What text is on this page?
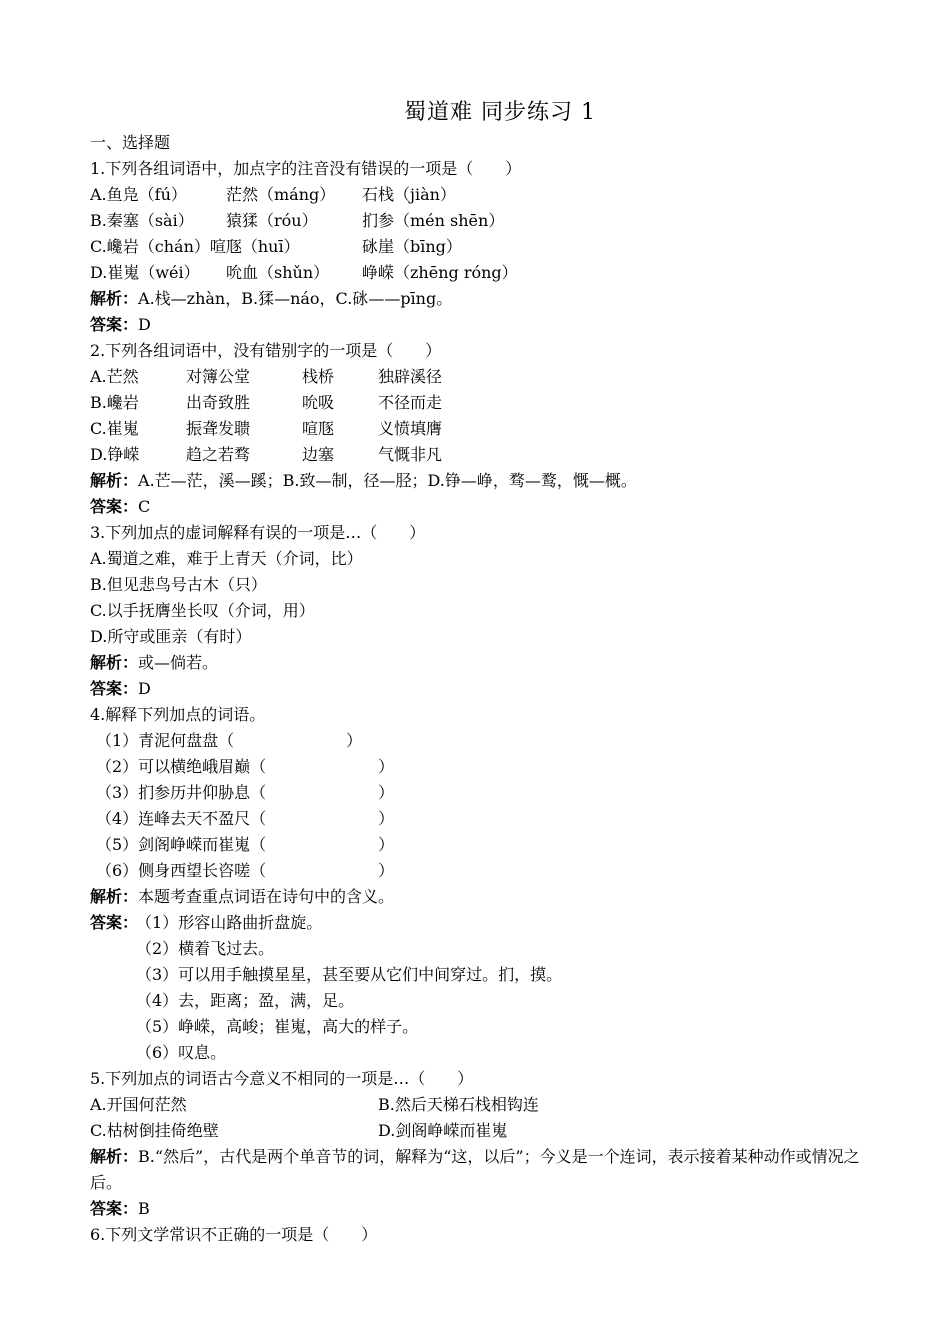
蜀道难 同步练习 1
一、选择题
1.下列各组词语中，加点字的注音没有错误的一项是（　　）
A.鱼凫（fú） 茫然（máng） 石栈（jiàn）
B.秦塞（sài） 猿猱（róu）	扪参（mén shēn）
C.巉岩（chán）喧豗（huī）	砯崖（bīng）
D.崔嵬（wéi） 吮血（shǔn） 峥嵘（zhēng róng）
解析：A.栈—zhàn，B.猱—náo，C.砯——pīng。
答案：D
2.下列各组词语中，没有错别字的一项是（　　）
A.芒然	对簿公堂	栈桥	独辟溪径
B.巉岩	出奇致胜	吮吸	不径而走
C.崔嵬	振聋发聩	喧豗	义愤填膺
D.铮嵘	趋之若骛	边塞	气慨非凡
解析：A.芒—茫，溪—蹊；B.致—制，径—胫；D.铮—峥，骛—鹜，慨—概。
答案：C
3.下列加点的虚词解释有误的一项是…（　　）
A.蜀道之难，难于上青天（介词，比）
B.但见悲鸟号古木（只）
C.以手抚膺坐长叹（介词，用）
D.所守或匪亲（有时）
解析：或—倘若。
答案：D
4.解释下列加点的词语。
（1）青泥何盘盘（　　　　　　　）
（2）可以横绝峨眉巅（　　　　　　　）
（3）扪参历井仰胁息（　　　　　　　）
（4）连峰去天不盈尺（　　　　　　　）
（5）剑阁峥嵘而崔嵬（　　　　　　　）
（6）侧身西望长咨嗟（　　　　　　　）
解析：本题考查重点词语在诗句中的含义。
答案： （1）形容山路曲折盘旋。
（2）横着飞过去。
（3）可以用手触摸星星，甚至要从它们中间穿过。扪，摸。
（4）去，距离；盈，满，足。
（5）峥嵘，高峻；崔嵬，高大的样子。
（6）叹息。
5.下列加点的词语古今意义不相同的一项是…（　　）
A.开国何茫然	B.然后天梯石栈相钩连
C.枯树倒挂倚绝壁	D.剑阁峥嵘而崔嵬
解析：B.“然后”，古代是两个单音节的词，解释为“这，以后”；今义是一个连词，表示接着某种动作或情况之后。
答案：B
6.下列文学常识不正确的一项是（　　）
